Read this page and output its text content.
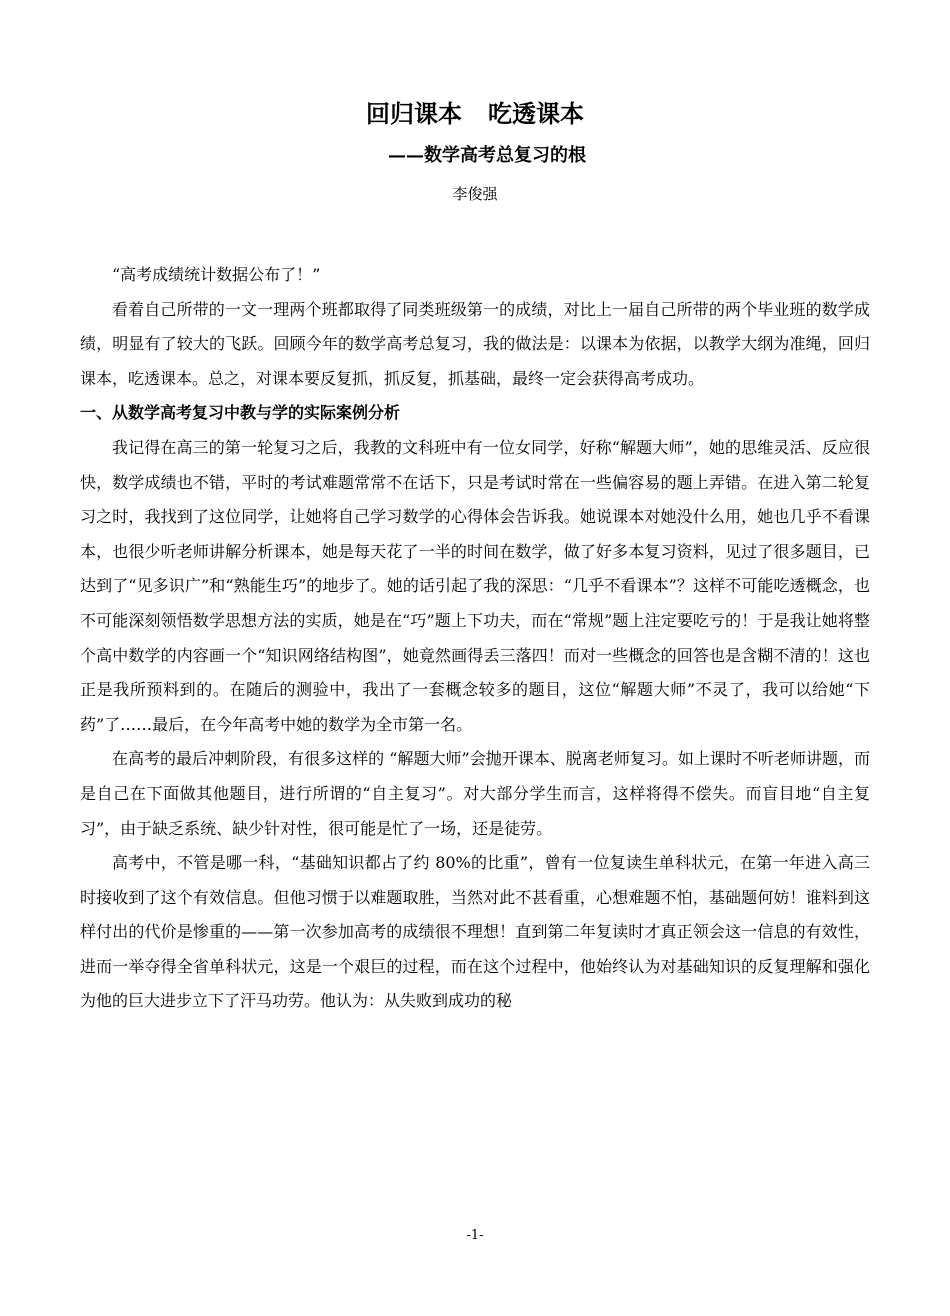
回归课本 吃透课本
——数学高考总复习的根
李俊强

“高考成绩统计数据公布了！”

看着自己所带的一文一理两个班都取得了同类班级第一的成绩，对比上一届自己所带的两个毕业班的数学成绩，明显有了较大的飞跃。回顾今年的数学高考总复习，我的做法是：以课本为依据，以教学大纲为准绳，回归课本，吃透课本。总之，对课本要反复抓，抓反复，抓基础，最终一定会获得高考成功。

一、从数学高考复习中教与学的实际案例分析

我记得在高三的第一轮复习之后，我教的文科班中有一位女同学，好称“解题大师”，她的思维灵活、反应很快，数学成绩也不错，平时的考试难题常常不在话下，只是考试时常在一些偏容易的题上弄错。在进入第二轮复习之时，我找到了这位同学，让她将自己学习数学的心得体会告诉我。她说课本对她没什么用，她也几乎不看课本，也很少听老师讲解分析课本，她是每天花了一半的时间在数学，做了好多本复习资料，见过了很多题目，已达到了“见多识广”和“熟能生巧”的地步了。她的话引起了我的深思：“几乎不看课本”？这样不可能吃透概念，也不可能深刻领悟数学思想方法的实质，她是在“巧”题上下功夫，而在“常规”题上注定要吃亏的！于是我让她将整个高中数学的内容画一个“知识网络结构图”，她竟然画得丢三落四！而对一些概念的回答也是含糊不清的！这也正是我所预料到的。在随后的测验中，我出了一套概念较多的题目，这位“解题大师”不灵了，我可以给她“下药”了……最后，在今年高考中她的数学为全市第一名。

在高考的最后冲刺阶段，有很多这样的 “解题大师”会抛开课本、脱离老师复习。如上课时不听老师讲题，而是自己在下面做其他题目，进行所谓的“自主复习”。对大部分学生而言，这样将得不偿失。而盲目地“自主复习”，由于缺乏系统、缺少针对性，很可能是忙了一场，还是徒劳。

高考中，不管是哪一科，“基础知识都占了约 80%的比重”，曾有一位复读生单科状元，在第一年进入高三时接收到了这个有效信息。但他习惯于以难题取胜，当然对此不甚看重，心想难题不怕，基础题何妨！谁料到这样付出的代价是惨重的——第一次参加高考的成绩很不理想！直到第二年复读时才真正领会这一信息的有效性，进而一举夺得全省单科状元，这是一个艰巨的过程，而在这个过程中，他始终认为对基础知识的反复理解和强化为他的巨大进步立下了汗马功劳。他认为：从失败到成功的秘

-1-
